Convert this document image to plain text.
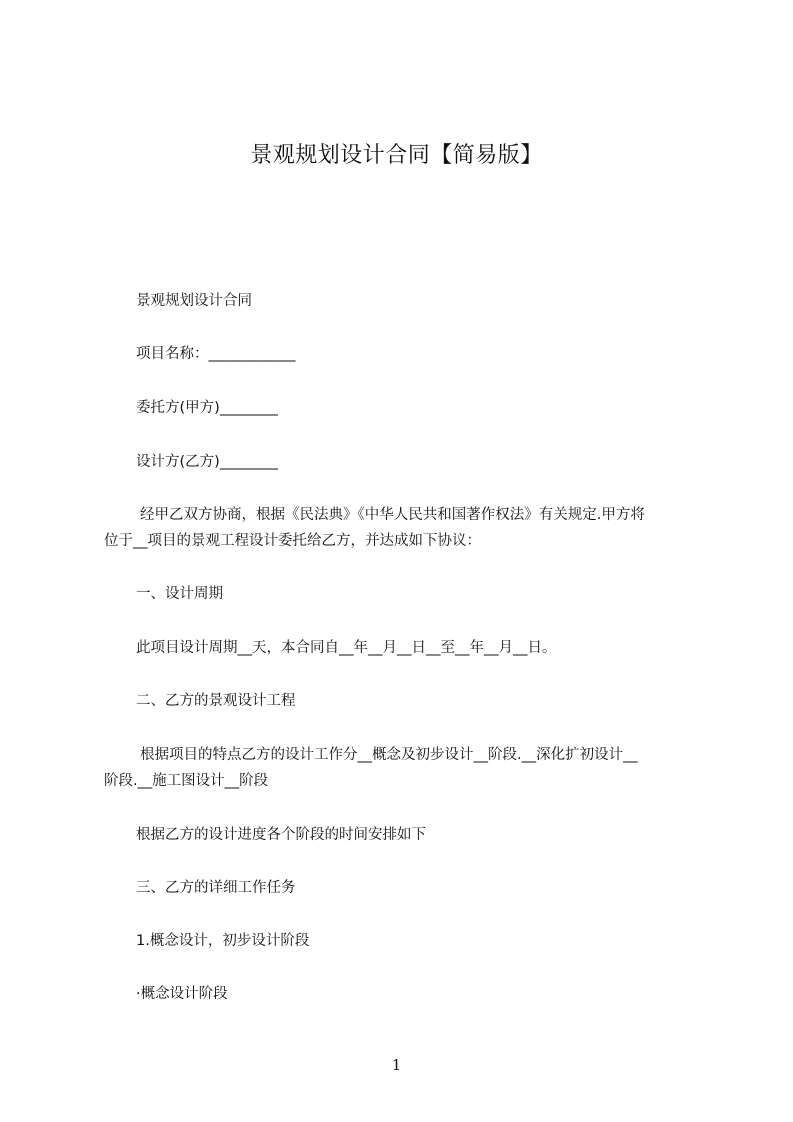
景观规划设计合同【简易版】
景观规划设计合同
项目名称：____________
委托方(甲方)________
设计方(乙方)________
经甲乙双方协商，根据《民法典》《中华人民共和国著作权法》有关规定.甲方将
位于__项目的景观工程设计委托给乙方，并达成如下协议：
一、设计周期
此项目设计周期__天，本合同自__年__月__日__至__年__月__日。
二、乙方的景观设计工程
根据项目的特点乙方的设计工作分__概念及初步设计__阶段.__深化扩初设计__
阶段.__施工图设计__阶段
根据乙方的设计进度各个阶段的时间安排如下
三、乙方的详细工作任务
1.概念设计，初步设计阶段
·概念设计阶段
1
